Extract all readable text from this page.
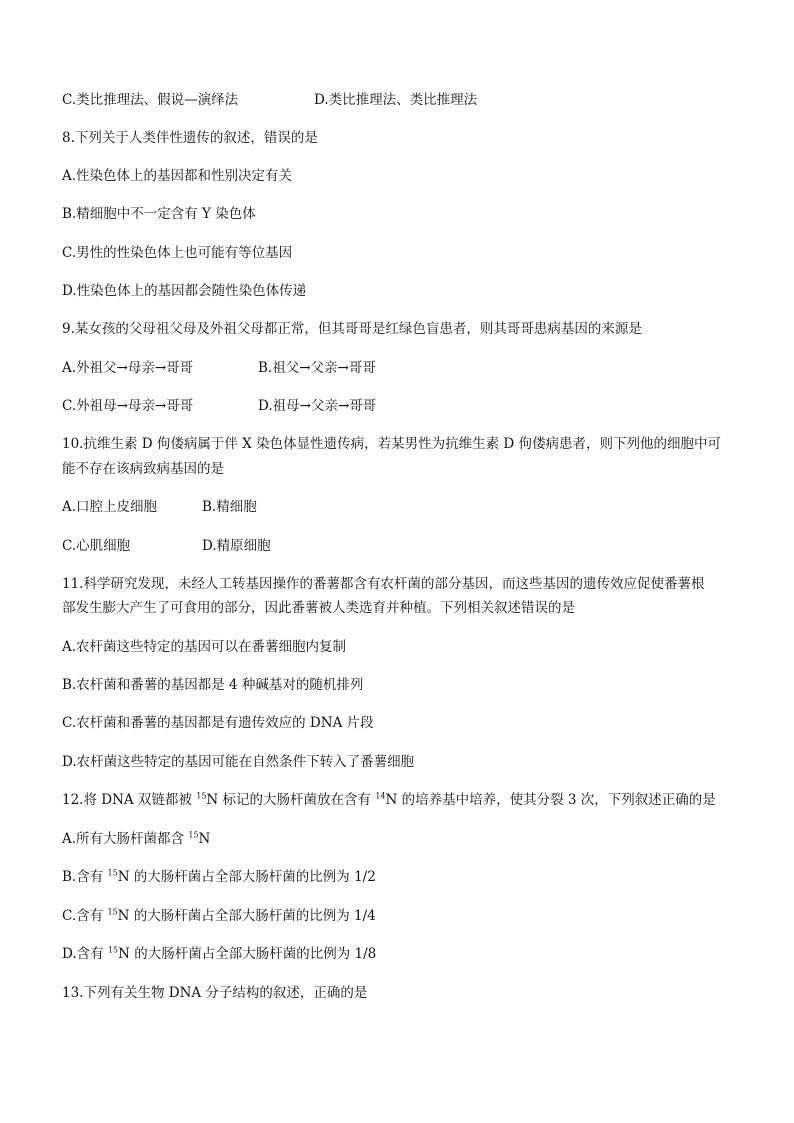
C.类比推理法、假说—演绎法	D.类比推理法、类比推理法
8.下列关于人类伴性遗传的叙述，错误的是
A.性染色体上的基因都和性别决定有关
B.精细胞中不一定含有 Y 染色体
C.男性的性染色体上也可能有等位基因
D.性染色体上的基因都会随性染色体传递
9.某女孩的父母祖父母及外祖父母都正常，但其哥哥是红绿色盲患者，则其哥哥患病基因的来源是
A.外祖父→母亲→哥哥	B.祖父→父亲→哥哥
C.外祖母→母亲→哥哥	D.祖母→父亲→哥哥
10.抗维生素 D 佝偻病属于伴 X 染色体显性遗传病，若某男性为抗维生素 D 佝偻病患者，则下列他的细胞中可
能不存在该病致病基因的是
A.口腔上皮细胞	B.精细胞
C.心肌细胞	D.精原细胞
11.科学研究发现，未经人工转基因操作的番薯都含有农杆菌的部分基因，而这些基因的遗传效应促使番薯根
部发生膨大产生了可食用的部分，因此番薯被人类选育并种植。下列相关叙述错误的是
A.农杆菌这些特定的基因可以在番薯细胞内复制
B.农杆菌和番薯的基因都是 4 种碱基对的随机排列
C.农杆菌和番薯的基因都是有遗传效应的 DNA 片段
D.农杆菌这些特定的基因可能在自然条件下转入了番薯细胞
12.将 DNA 双链都被 $^{15}$N 标记的大肠杆菌放在含有 $^{14}$N 的培养基中培养，使其分裂 3 次，下列叙述正确的是
A.所有大肠杆菌都含 $^{15}$N
B.含有 $^{15}$N 的大肠杆菌占全部大肠杆菌的比例为 1/2
C.含有 $^{15}$N 的大肠杆菌占全部大肠杆菌的比例为 1/4
D.含有 $^{15}$N 的大肠杆菌占全部大肠杆菌的比例为 1/8
13.下列有关生物 DNA 分子结构的叙述，正确的是
